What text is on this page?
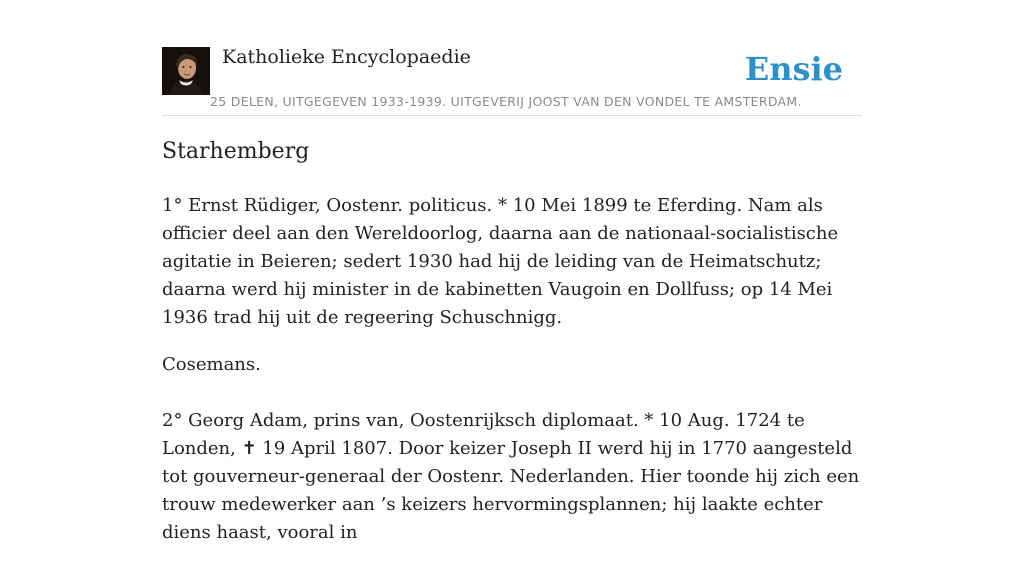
Katholieke Encyclopaedie
25 DELEN, UITGEGEVEN 1933-1939. UITGEVERIJ JOOST VAN DEN VONDEL TE AMSTERDAM.
Ensie
Starhemberg

1° Ernst Rüdiger, Oostenr. politicus. * 10 Mei 1899 te Eferding. Nam als officier deel aan den Wereldoorlog, daarna aan de nationaal-socialistische agitatie in Beieren; sedert 1930 had hij de leiding van de Heimatschutz; daarna werd hij minister in de kabinetten Vaugoin en Dollfuss; op 14 Mei 1936 trad hij uit de regeering Schuschnigg.

Cosemans.

2° Georg Adam, prins van, Oostenrijksch diplomaat. * 10 Aug. 1724 te Londen, ✝ 19 April 1807. Door keizer Joseph II werd hij in 1770 aangesteld tot gouverneur-generaal der Oostenr. Nederlanden. Hier toonde hij zich een trouw medewerker aan ’s keizers hervormingsplannen; hij laakte echter diens haast, vooral in
